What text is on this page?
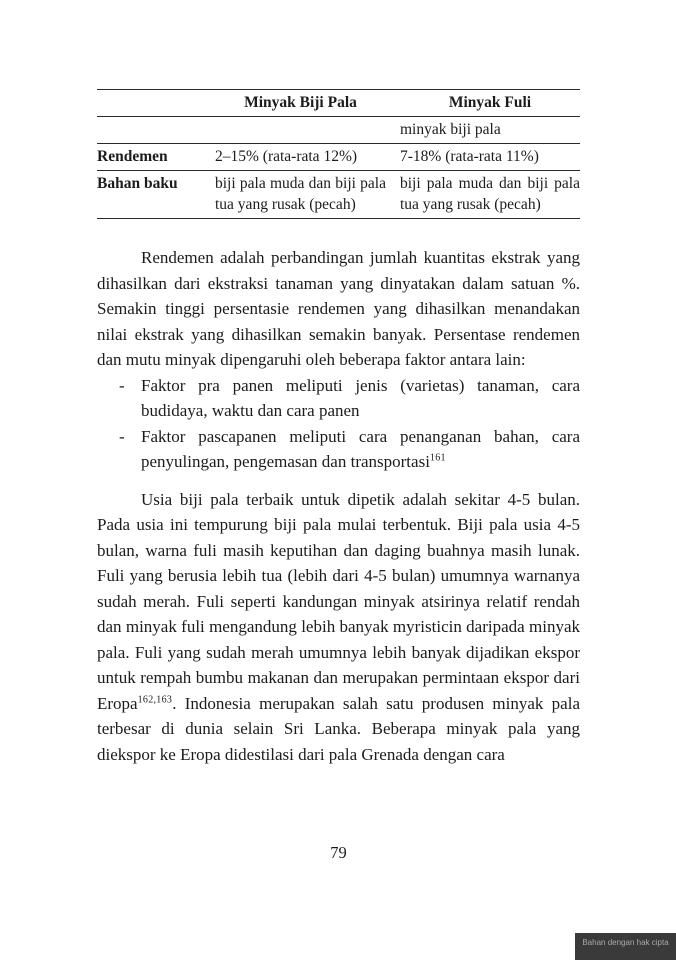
	Minyak Biji Pala	Minyak Fuli
		minyak biji pala
Rendemen	2–15% (rata-rata 12%)	7-18% (rata-rata 11%)
Bahan baku	biji pala muda dan biji pala tua yang rusak (pecah)	biji pala muda dan biji pala tua yang rusak (pecah)

Rendemen adalah perbandingan jumlah kuantitas ekstrak yang dihasilkan dari ekstraksi tanaman yang dinyatakan dalam satuan %. Semakin tinggi persentasie rendemen yang dihasilkan menandakan nilai ekstrak yang dihasilkan semakin banyak. Persentase rendemen dan mutu minyak dipengaruhi oleh beberapa faktor antara lain:

- Faktor pra panen meliputi jenis (varietas) tanaman, cara budidaya, waktu dan cara panen
- Faktor pascapanen meliputi cara penanganan bahan, cara penyulingan, pengemasan dan transportasi$^{161}$

Usia biji pala terbaik untuk dipetik adalah sekitar 4-5 bulan. Pada usia ini tempurung biji pala mulai terbentuk. Biji pala usia 4-5 bulan, warna fuli masih keputihan dan daging buahnya masih lunak. Fuli yang berusia lebih tua (lebih dari 4-5 bulan) umumnya warnanya sudah merah. Fuli seperti kandungan minyak atsirinya relatif rendah dan minyak fuli mengandung lebih banyak myristicin daripada minyak pala. Fuli yang sudah merah umumnya lebih banyak dijadikan ekspor untuk rempah bumbu makanan dan merupakan permintaan ekspor dari Eropa$^{162,163}$. Indonesia merupakan salah satu produsen minyak pala terbesar di dunia selain Sri Lanka. Beberapa minyak pala yang diekspor ke Eropa didestilasi dari pala Grenada dengan cara

79
Bahan dengan hak cipta
